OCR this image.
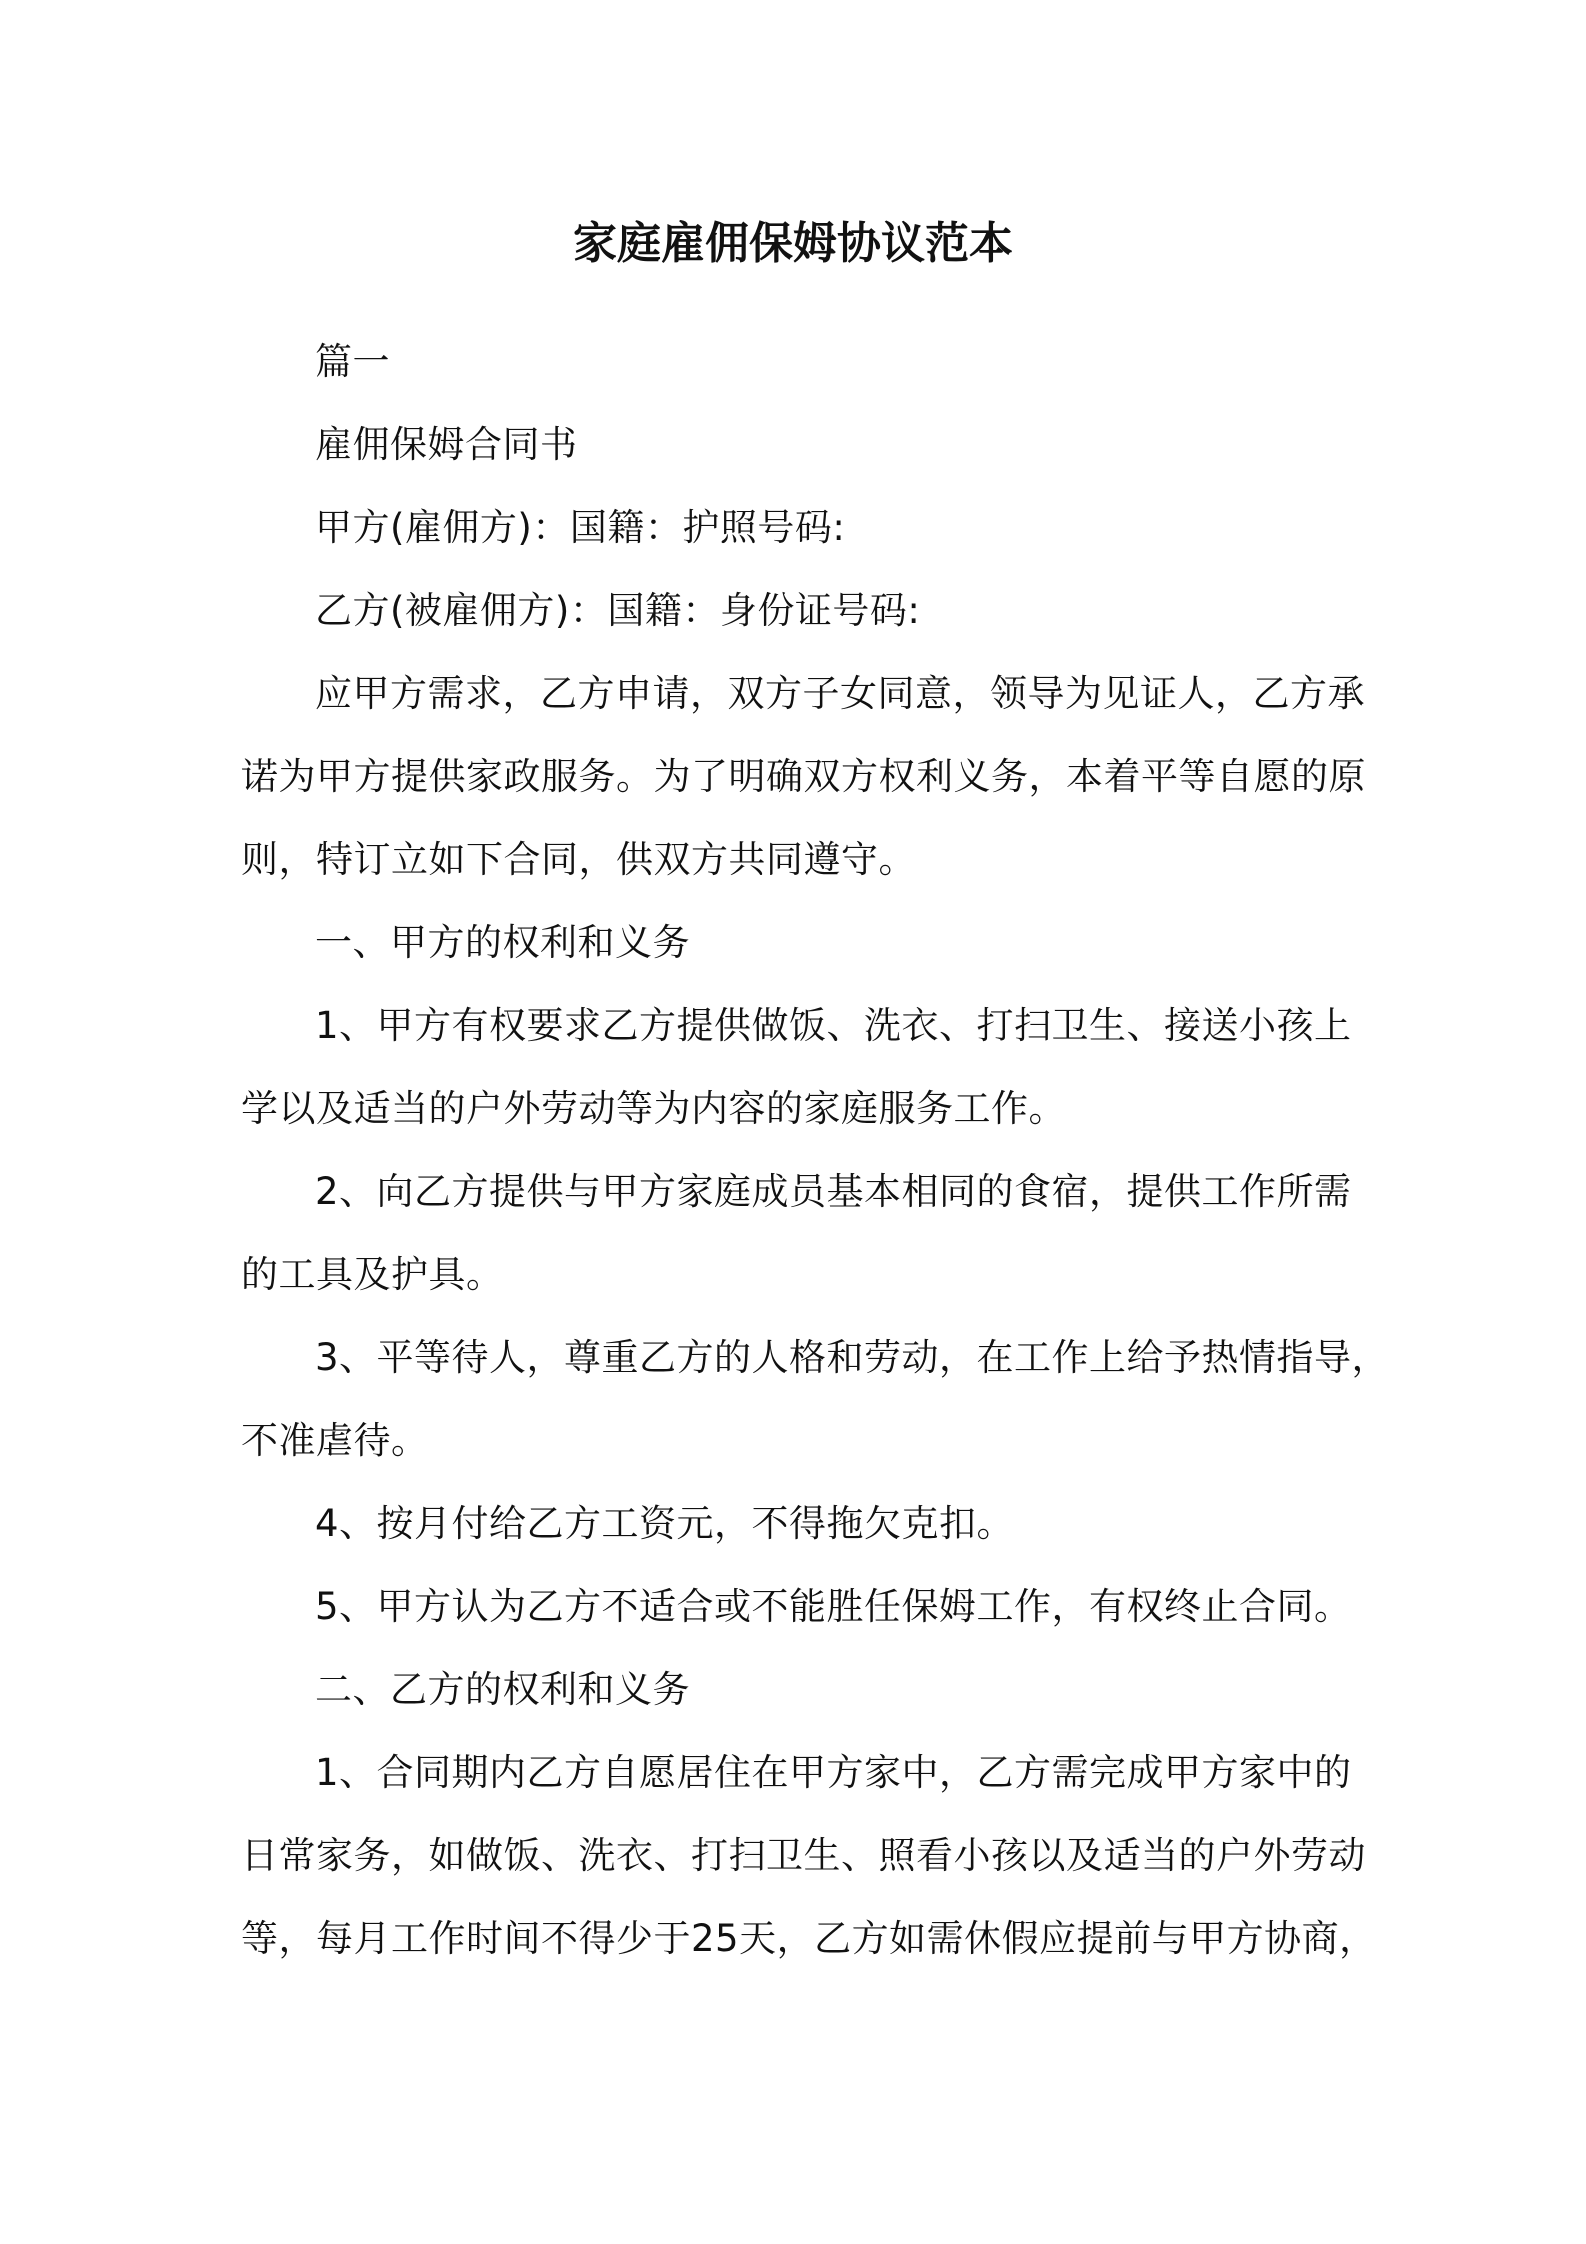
家庭雇佣保姆协议范本
篇一
雇佣保姆合同书
甲方(雇佣方)：国籍：护照号码:
乙方(被雇佣方)：国籍：身份证号码:
应甲方需求，乙方申请，双方子女同意，领导为见证人，乙方承
诺为甲方提供家政服务。为了明确双方权利义务，本着平等自愿的原
则，特订立如下合同，供双方共同遵守。
一、甲方的权利和义务
1、甲方有权要求乙方提供做饭、洗衣、打扫卫生、接送小孩上
学以及适当的户外劳动等为内容的家庭服务工作。
2、向乙方提供与甲方家庭成员基本相同的食宿，提供工作所需
的工具及护具。
3、平等待人，尊重乙方的人格和劳动，在工作上给予热情指导，
不准虐待。
4、按月付给乙方工资元，不得拖欠克扣。
5、甲方认为乙方不适合或不能胜任保姆工作，有权终止合同。
二、乙方的权利和义务
1、合同期内乙方自愿居住在甲方家中，乙方需完成甲方家中的
日常家务，如做饭、洗衣、打扫卫生、照看小孩以及适当的户外劳动
等，每月工作时间不得少于25天，乙方如需休假应提前与甲方协商，
